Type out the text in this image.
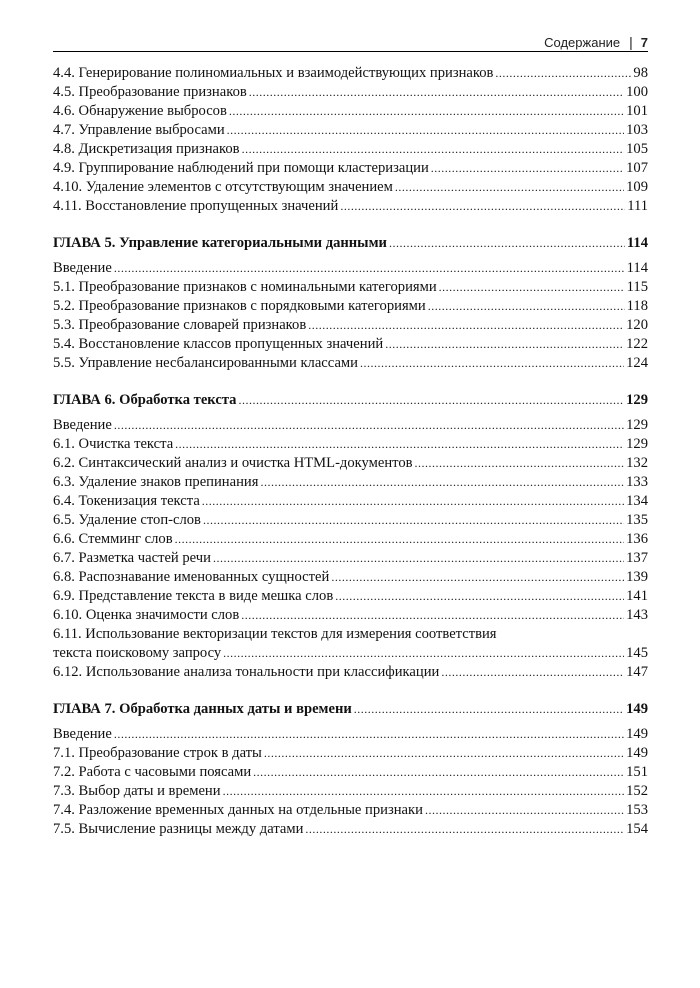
Содержание | 7
4.4. Генерирование полиномиальных и взаимодействующих признаков .....	98
4.5. Преобразование признаков .....	100
4.6. Обнаружение выбросов .....	101
4.7. Управление выбросами .....	103
4.8. Дискретизация признаков .....	105
4.9. Группирование наблюдений при помощи кластеризации .....	107
4.10. Удаление элементов с отсутствующим значением .....	109
4.11. Восстановление пропущенных значений .....	111
ГЛАВА 5. Управление категориальными данными .....	114
Введение .....	114
5.1. Преобразование признаков с номинальными категориями .....	115
5.2. Преобразование признаков с порядковыми категориями .....	118
5.3. Преобразование словарей признаков .....	120
5.4. Восстановление классов пропущенных значений .....	122
5.5. Управление несбалансированными классами .....	124
ГЛАВА 6. Обработка текста .....	129
Введение .....	129
6.1. Очистка текста .....	129
6.2. Синтаксический анализ и очистка HTML-документов .....	132
6.3. Удаление знаков препинания .....	133
6.4. Токенизация текста .....	134
6.5. Удаление стоп-слов .....	135
6.6. Стемминг слов .....	136
6.7. Разметка частей речи .....	137
6.8. Распознавание именованных сущностей .....	139
6.9. Представление текста в виде мешка слов .....	141
6.10. Оценка значимости слов .....	143
6.11. Использование векторизации текстов для измерения соответствия
текста поисковому запросу .....	145
6.12. Использование анализа тональности при классификации .....	147
ГЛАВА 7. Обработка данных даты и времени .....	149
Введение .....	149
7.1. Преобразование строк в даты .....	149
7.2. Работа с часовыми поясами .....	151
7.3. Выбор даты и времени .....	152
7.4. Разложение временных данных на отдельные признаки .....	153
7.5. Вычисление разницы между датами .....	154
